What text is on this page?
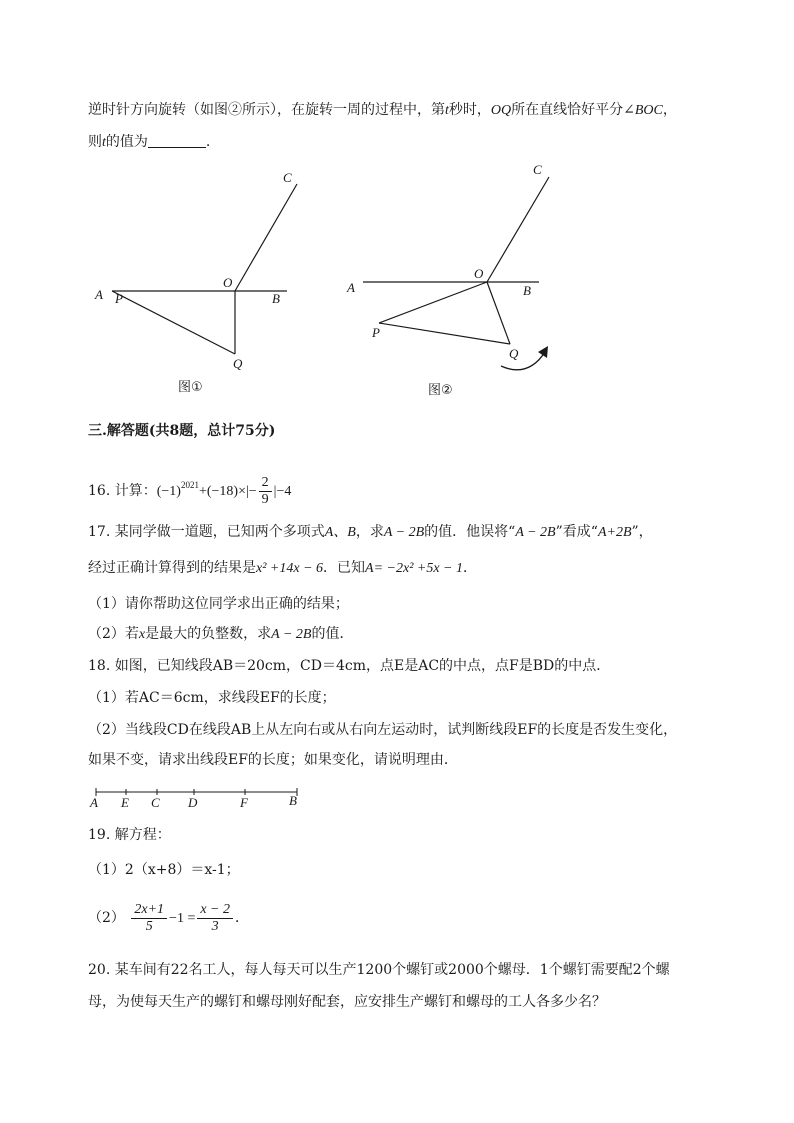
逆时针方向旋转（如图②所示），在旋转一周的过程中，第t秒时，OQ所在直线恰好平分∠BOC，
则t的值为	.
C
A P
O
B
Q
图①
C
O
A	B
P
Q
图②
三.解答题(共8题，总计75分)
16. 计算：$(-1)^{2021}+(-18)\times|- \frac{2}{9} |-4$
17. 某同学做一道题，已知两个多项式A、B，求A − 2B的值．他误将“A − 2B”看成“A+2B”，
经过正确计算得到的结果是x² +14x − 6．已知A= −2x² +5x − 1．
（1）请你帮助这位同学求出正确的结果；
（2）若x是最大的负整数，求A − 2B的值．
18. 如图，已知线段AB＝20cm，CD＝4cm，点E是AC的中点，点F是BD的中点．
（1）若AC＝6cm，求线段EF的长度；
（2）当线段CD在线段AB上从左向右或从右向左运动时，试判断线段EF的长度是否发生变化，
如果不变，请求出线段EF的长度；如果变化，请说明理由．
A E C D	F	B
19. 解方程：
（1）2（x+8）＝x-1；
$(2) \frac{2x+1}{5} -1 = \frac{x - 2}{3}$ ．
20. 某车间有22名工人，每人每天可以生产1200个螺钉或2000个螺母．1个螺钉需要配2个螺
母，为使每天生产的螺钉和螺母刚好配套，应安排生产螺钉和螺母的工人各多少名？
